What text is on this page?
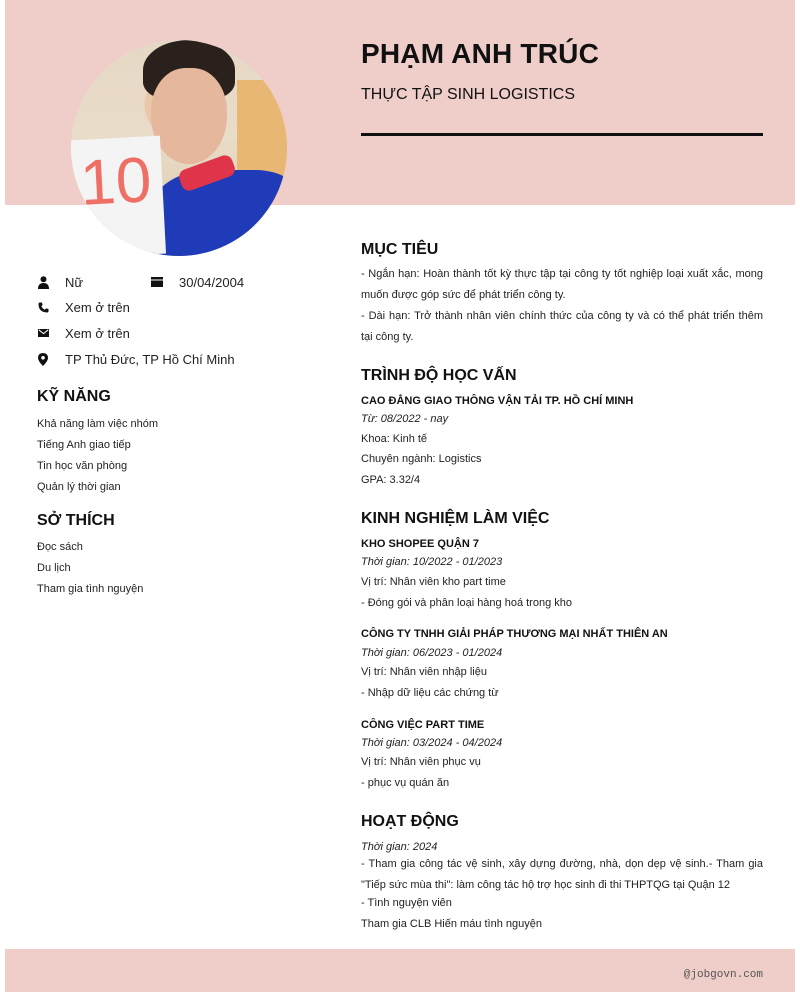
10
PHẠM ANH TRÚC
THỰC TẬP SINH LOGISTICS
Nữ	30/04/2004
Xem ở trên
Xem ở trên
TP Thủ Đức, TP Hồ Chí Minh
KỸ NĂNG
Khả năng làm việc nhóm
Tiếng Anh giao tiếp
Tin học văn phòng
Quản lý thời gian
SỞ THÍCH
Đọc sách
Du lịch
Tham gia tình nguyện
MỤC TIÊU
- Ngắn hạn: Hoàn thành tốt kỳ thực tập tại công ty tốt nghiệp loại xuất xắc, mong muốn được góp sức để phát triển công ty.
- Dài hạn: Trở thành nhân viên chính thức của công ty và có thể phát triển thêm tại công ty.
TRÌNH ĐỘ HỌC VẤN
CAO ĐẲNG GIAO THÔNG VẬN TẢI TP. HỒ CHÍ MINH
Từ: 08/2022 - nay
Khoa: Kinh tế
Chuyên ngành: Logistics
GPA: 3.32/4
KINH NGHIỆM LÀM VIỆC
KHO SHOPEE QUẬN 7
Thời gian: 10/2022 - 01/2023
Vị trí: Nhân viên kho part time
- Đóng gói và phân loại hàng hoá trong kho
CÔNG TY TNHH GIẢI PHÁP THƯƠNG MẠI NHẤT THIÊN AN
Thời gian: 06/2023 - 01/2024
Vị trí: Nhân viên nhập liệu
- Nhập dữ liệu các chứng từ
CÔNG VIỆC PART TIME
Thời gian: 03/2024 - 04/2024
Vị trí: Nhân viên phục vụ
- phục vụ quán ăn
HOẠT ĐỘNG
Thời gian: 2024
- Tham gia công tác vệ sinh, xây dựng đường, nhà, dọn dẹp vệ sinh.- Tham gia "Tiếp sức mùa thi": làm công tác hộ trợ học sinh đi thi THPTQG tại Quận 12
- Tình nguyện viên
Tham gia CLB Hiến máu tình nguyện
@jobgovn.com
